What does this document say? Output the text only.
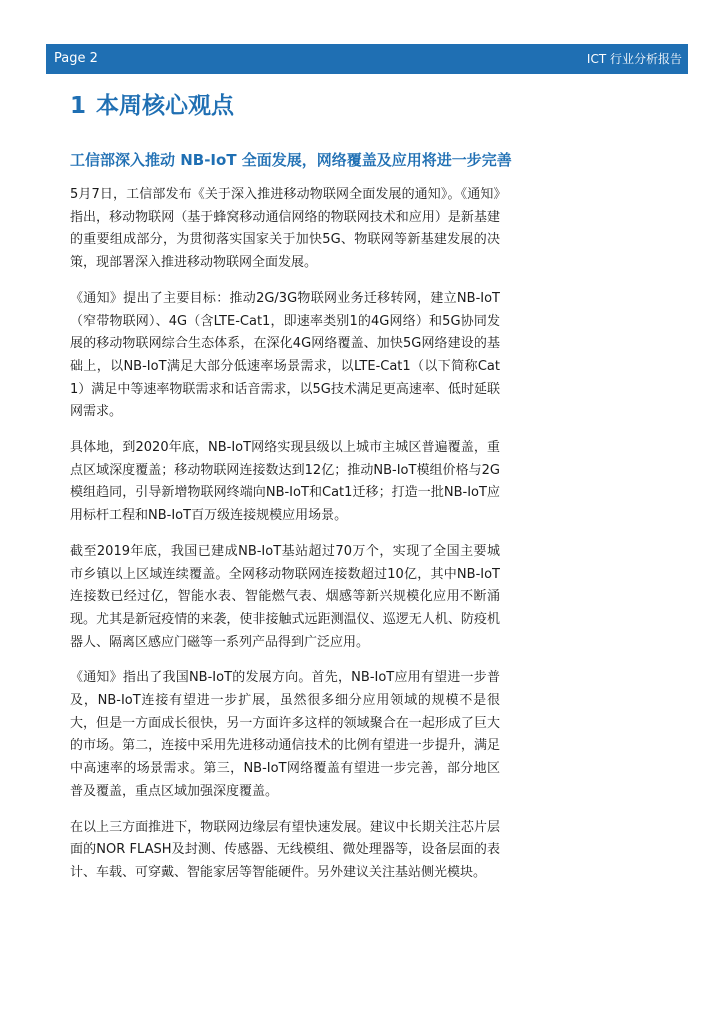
Page 2	ICT 行业分析报告
1 本周核心观点
工信部深入推动 NB-IoT 全面发展，网络覆盖及应用将进一步完善

5月7日，工信部发布《关于深入推进移动物联网全面发展的通知》。《通知》指出，移动物联网（基于蜂窝移动通信网络的物联网技术和应用）是新基建的重要组成部分，为贯彻落实国家关于加快5G、物联网等新基建发展的决策，现部署深入推进移动物联网全面发展。

《通知》提出了主要目标：推动2G/3G物联网业务迁移转网，建立NB-IoT（窄带物联网）、4G（含LTE-Cat1，即速率类别1的4G网络）和5G协同发展的移动物联网综合生态体系，在深化4G网络覆盖、加快5G网络建设的基础上，以NB-IoT满足大部分低速率场景需求，以LTE-Cat1（以下简称Cat1）满足中等速率物联需求和话音需求，以5G技术满足更高速率、低时延联网需求。

具体地，到2020年底，NB-IoT网络实现县级以上城市主城区普遍覆盖，重点区域深度覆盖；移动物联网连接数达到12亿；推动NB-IoT模组价格与2G模组趋同，引导新增物联网终端向NB-IoT和Cat1迁移；打造一批NB-IoT应用标杆工程和NB-IoT百万级连接规模应用场景。

截至2019年底，我国已建成NB-IoT基站超过70万个，实现了全国主要城市乡镇以上区域连续覆盖。全网移动物联网连接数超过10亿，其中NB-IoT连接数已经过亿，智能水表、智能燃气表、烟感等新兴规模化应用不断涌现。尤其是新冠疫情的来袭，使非接触式远距测温仪、巡逻无人机、防疫机器人、隔离区感应门磁等一系列产品得到广泛应用。

《通知》指出了我国NB-IoT的发展方向。首先，NB-IoT应用有望进一步普及，NB-IoT连接有望进一步扩展，虽然很多细分应用领域的规模不是很大，但是一方面成长很快，另一方面许多这样的领域聚合在一起形成了巨大的市场。第二，连接中采用先进移动通信技术的比例有望进一步提升，满足中高速率的场景需求。第三，NB-IoT网络覆盖有望进一步完善，部分地区普及覆盖，重点区域加强深度覆盖。

在以上三方面推进下，物联网边缘层有望快速发展。建议中长期关注芯片层面的NOR FLASH及封测、传感器、无线模组、微处理器等，设备层面的表计、车载、可穿戴、智能家居等智能硬件。另外建议关注基站侧光模块。
